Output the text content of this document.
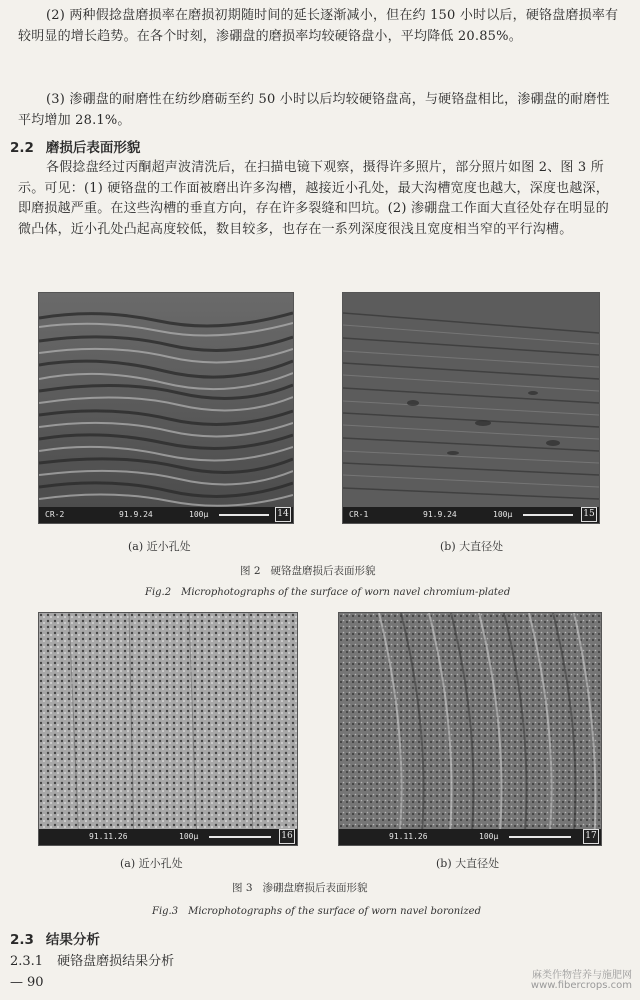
(2) 两种假捻盘磨损率在磨损初期随时间的延长逐渐减小，但在约 150 小时以后，硬铬盘磨损率有较明显的增长趋势。在各个时刻，渗硼盘的磨损率均较硬铬盘小，平均降低 20.85%。

(3) 渗硼盘的耐磨性在纺纱磨砺至约 50 小时以后均较硬铬盘高，与硬铬盘相比，渗硼盘的耐磨性平均增加 28.1%。

2.2 磨损后表面形貌

各假捻盘经过丙酮超声波清洗后，在扫描电镜下观察，摄得许多照片，部分照片如图 2、图 3 所示。可见：(1) 硬铬盘的工作面被磨出许多沟槽，越接近小孔处，最大沟槽宽度也越大，深度也越深，即磨损越严重。在这些沟槽的垂直方向，存在许多裂缝和凹坑。(2) 渗硼盘工作面大直径处存在明显的微凸体，近小孔处凸起高度较低，数目较多，也存在一系列深度很浅且宽度相当窄的平行沟槽。

CR-2	91.9.24	100μ	14	CR-1	91.9.24	100μ	15
(a) 近小孔处	(b) 大直径处
图 2 硬铬盘磨损后表面形貌
Fig.2 Microphotographs of the surface of worn navel chromium-plated
91.11.26	100μ	16	91.11.26	100μ	17
(a) 近小孔处	(b) 大直径处
图 3 渗硼盘磨损后表面形貌
Fig.3 Microphotographs of the surface of worn navel boronized
2.3 结果分析
2.3.1 硬铬盘磨损结果分析
— 90	麻类作物营养与施肥网
www.fibercrops.com
